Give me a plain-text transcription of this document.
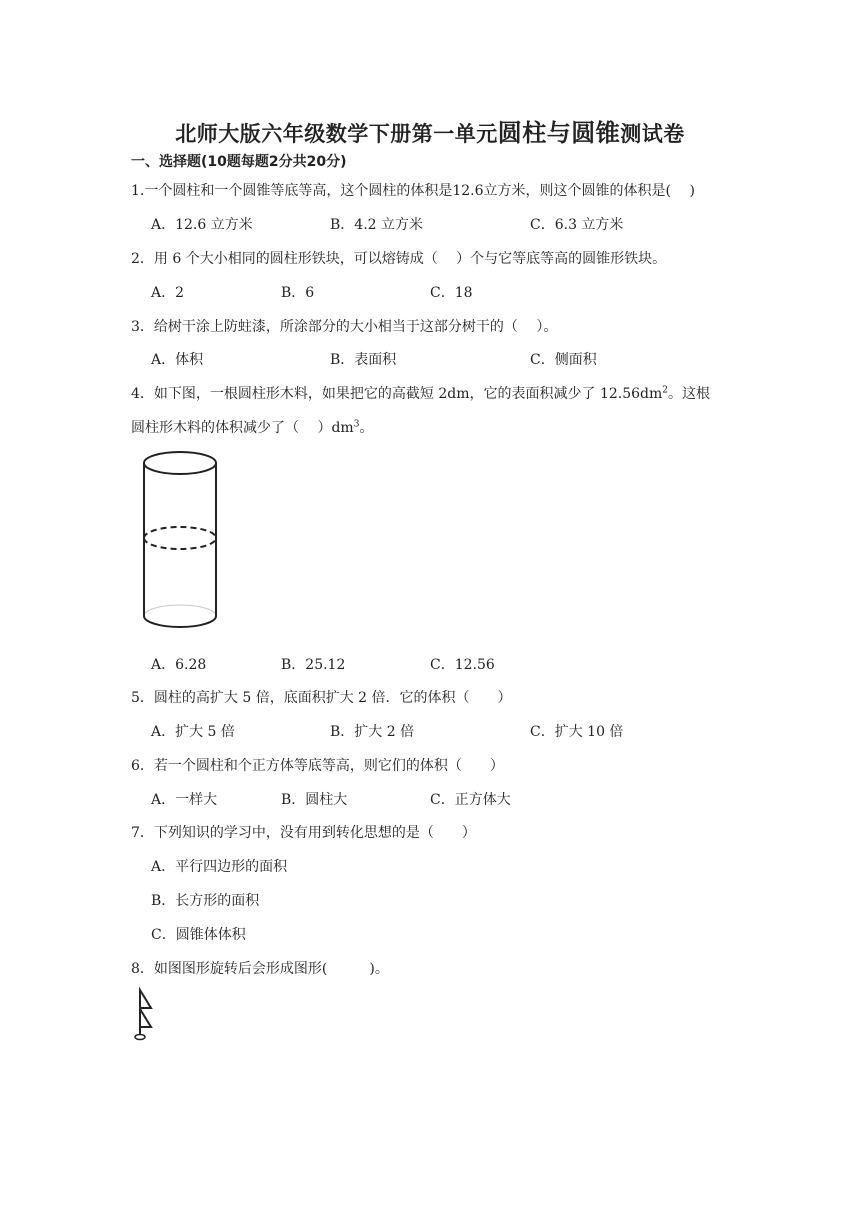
北师大版六年级数学下册第一单元圆柱与圆锥测试卷
一、选择题(10题每题2分共20分)
1.一个圆柱和一个圆锥等底等高，这个圆柱的体积是12.6立方米，则这个圆锥的体积是(　 )
A．12.6 立方米	B．4.2 立方米	C．6.3 立方米
2．用 6 个大小相同的圆柱形铁块，可以熔铸成（　 ）个与它等底等高的圆锥形铁块。
A．2	B．6	C．18
3．给树干涂上防蛀漆，所涂部分的大小相当于这部分树干的（　 ）。
A．体积	B．表面积	C．侧面积
4．如下图，一根圆柱形木料，如果把它的高截短 2dm，它的表面积减少了 $12.56dm^2$。这根
圆柱形木料的体积减少了（　 ）$dm^3$。
A．6.28	B．25.12	C．12.56
5．圆柱的高扩大 5 倍，底面积扩大 2 倍．它的体积（　　）
A．扩大 5 倍	B．扩大 2 倍	C．扩大 10 倍
6．若一个圆柱和个正方体等底等高，则它们的体积（　　）
A．一样大	B．圆柱大	C．正方体大
7．下列知识的学习中，没有用到转化思想的是（　　）
A．平行四边形的面积
B．长方形的面积
C．圆锥体体积
8．如图图形旋转后会形成图形(　　　)。
